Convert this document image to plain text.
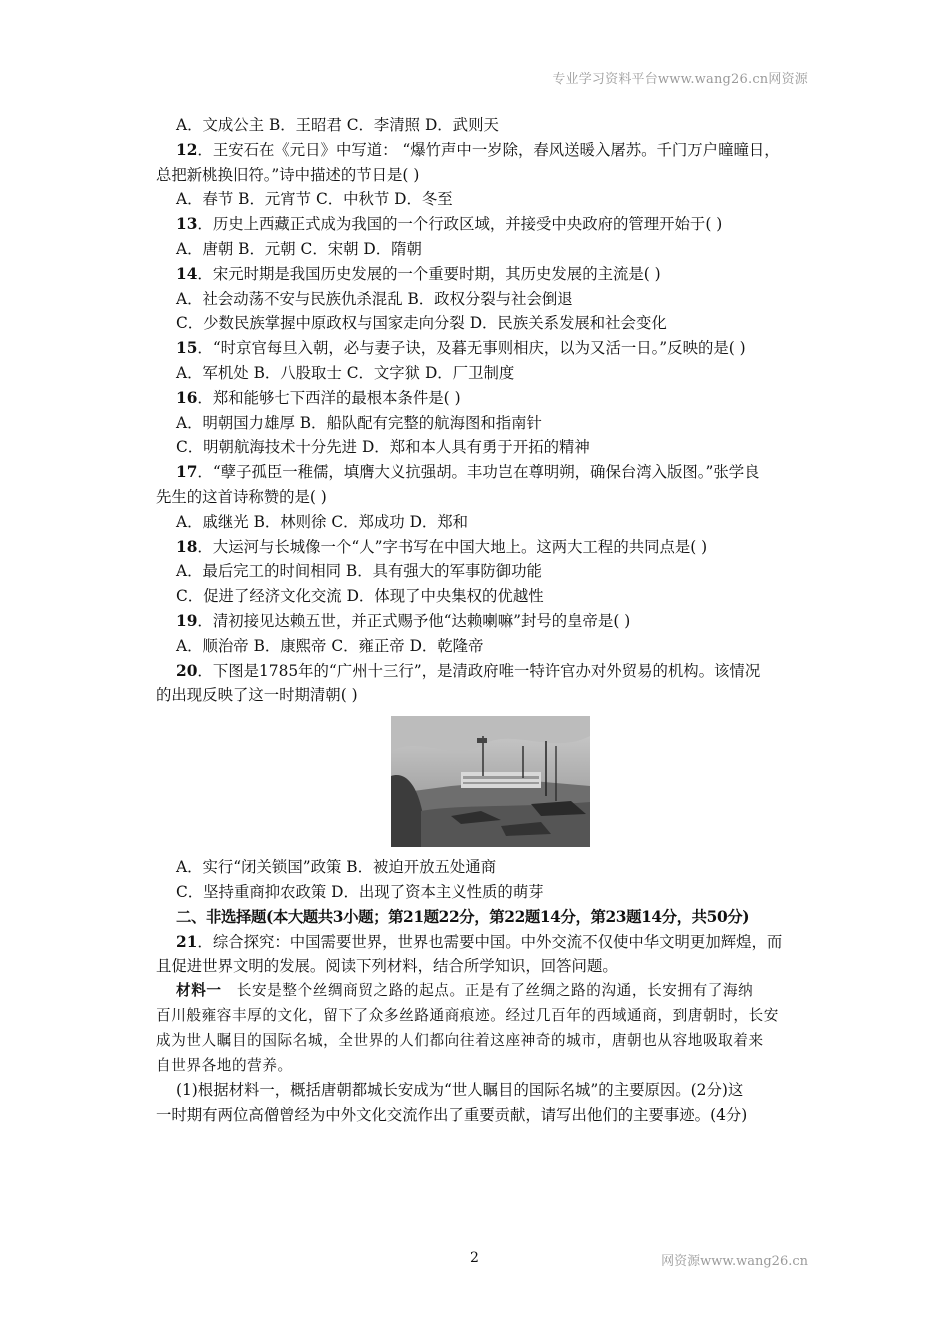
专业学习资料平台www.wang26.cn网资源

A．文成公主 B．王昭君 C．李清照 D．武则天

12．王安石在《元日》中写道： “爆竹声中一岁除，春风送暖入屠苏。千门万户曈曈日，

总把新桃换旧符。”诗中描述的节日是( )

A．春节 B．元宵节 C．中秋节 D．冬至

13．历史上西藏正式成为我国的一个行政区域，并接受中央政府的管理开始于( )

A．唐朝 B．元朝 C．宋朝 D．隋朝

14．宋元时期是我国历史发展的一个重要时期，其历史发展的主流是( )

A．社会动荡不安与民族仇杀混乱 B．政权分裂与社会倒退

C．少数民族掌握中原政权与国家走向分裂 D．民族关系发展和社会变化

15．“时京官每旦入朝，必与妻子诀，及暮无事则相庆，以为又活一日。”反映的是( )

A．军机处 B．八股取士 C．文字狱 D．厂卫制度

16．郑和能够七下西洋的最根本条件是( )

A．明朝国力雄厚 B．船队配有完整的航海图和指南针

C．明朝航海技术十分先进 D．郑和本人具有勇于开拓的精神

17．“孽子孤臣一稚儒，填膺大义抗强胡。丰功岂在尊明朔，确保台湾入版图。”张学良

先生的这首诗称赞的是( )

A．戚继光 B．林则徐 C．郑成功 D．郑和

18．大运河与长城像一个“人”字书写在中国大地上。这两大工程的共同点是( )

A．最后完工的时间相同 B．具有强大的军事防御功能

C．促进了经济文化交流 D．体现了中央集权的优越性

19．清初接见达赖五世，并正式赐予他“达赖喇嘛”封号的皇帝是( )

A．顺治帝 B．康熙帝 C．雍正帝 D．乾隆帝

20．下图是1785年的“广州十三行”，是清政府唯一特许官办对外贸易的机构。该情况

的出现反映了这一时期清朝( )

A．实行“闭关锁国”政策 B．被迫开放五处通商

C．坚持重商抑农政策 D．出现了资本主义性质的萌芽

二、非选择题(本大题共3小题；第21题22分，第22题14分，第23题14分，共50分)

21．综合探究：中国需要世界，世界也需要中国。中外交流不仅使中华文明更加辉煌，而

且促进世界文明的发展。阅读下列材料，结合所学知识，回答问题。

材料一　长安是整个丝绸商贸之路的起点。正是有了丝绸之路的沟通，长安拥有了海纳

百川般雍容丰厚的文化，留下了众多丝路通商痕迹。经过几百年的西域通商，到唐朝时，长安

成为世人瞩目的国际名城，全世界的人们都向往着这座神奇的城市，唐朝也从容地吸取着来

自世界各地的营养。

(1)根据材料一，概括唐朝都城长安成为“世人瞩目的国际名城”的主要原因。(2分)这

一时期有两位高僧曾经为中外文化交流作出了重要贡献，请写出他们的主要事迹。(4分)

2	网资源www.wang26.cn
